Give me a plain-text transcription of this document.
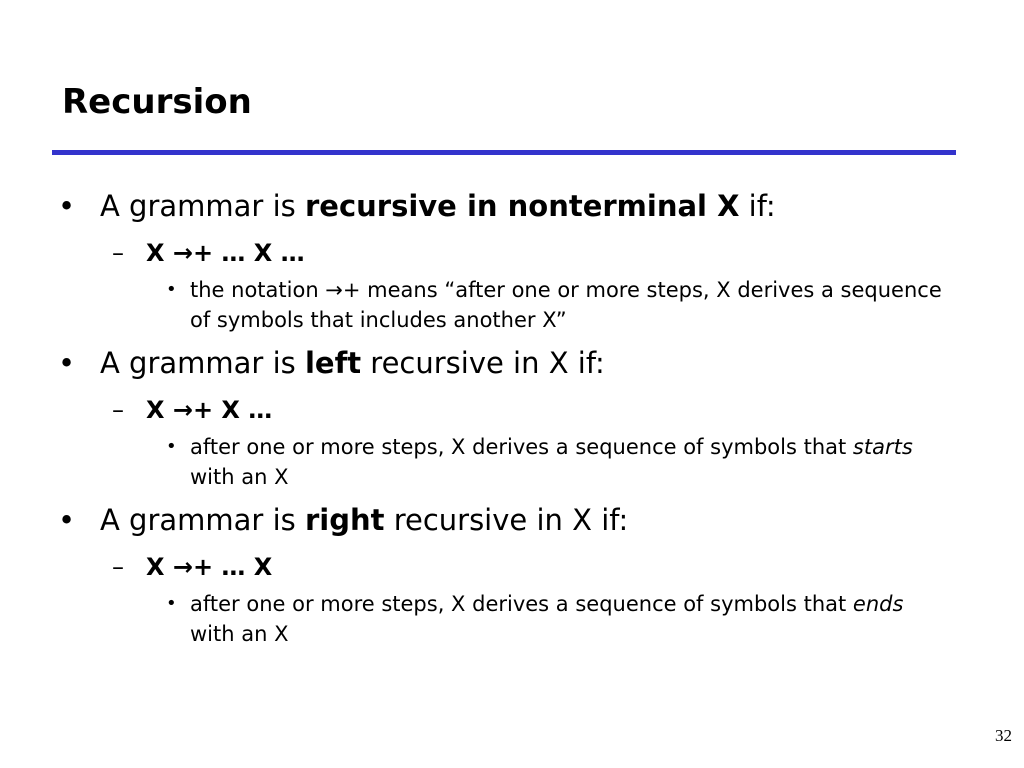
Recursion
• A grammar is recursive in nonterminal X if:
– X →+ … X …
• the notation →+ means “after one or more steps, X derives a sequence of symbols that includes another X”
• A grammar is left recursive in X if:
– X →+ X …
• after one or more steps, X derives a sequence of symbols that starts with an X
• A grammar is right recursive in X if:
– X →+ … X
• after one or more steps, X derives a sequence of symbols that ends with an X
32
